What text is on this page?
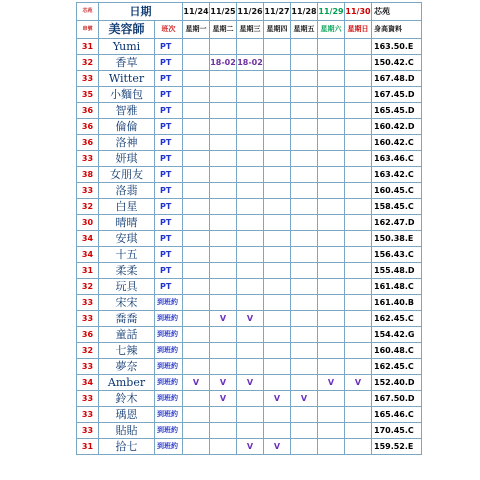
芯苑	日期		11/24	11/25	11/26	11/27	11/28	11/29	11/30	芯苑
串號	美容師	班次	星期一	星期二	星期三	星期四	星期五	星期六	星期日	身高資料
31	Yumi	PT								163.50.E
32	香草	PT		18-02	18-02					150.42.C
33	Witter	PT								167.48.D
35	小麵包	PT								167.45.D
36	智雅	PT								165.45.D
36	倫倫	PT								160.42.D
36	洛神	PT								160.42.C
33	妍琪	PT								163.46.C
38	女朋友	PT								163.42.C
33	洛翡	PT								160.45.C
32	白星	PT								158.45.C
30	晴晴	PT								162.47.D
34	安琪	PT								150.38.E
34	十五	PT								156.43.C
31	柔柔	PT								155.48.D
32	玩具	PT								161.48.C
33	宋宋	到班約								161.40.B
33	喬喬	到班約		V	V					162.45.C
36	童話	到班約								154.42.G
32	七辣	到班約								160.48.C
33	夢奈	到班約								162.45.C
34	Amber	到班約	V	V	V			V	V	152.40.D
33	鈴木	到班約		V		V	V			167.50.D
33	瑀恩	到班約								165.46.C
33	貼貼	到班約								170.45.C
31	拾七	到班約			V	V				159.52.E
